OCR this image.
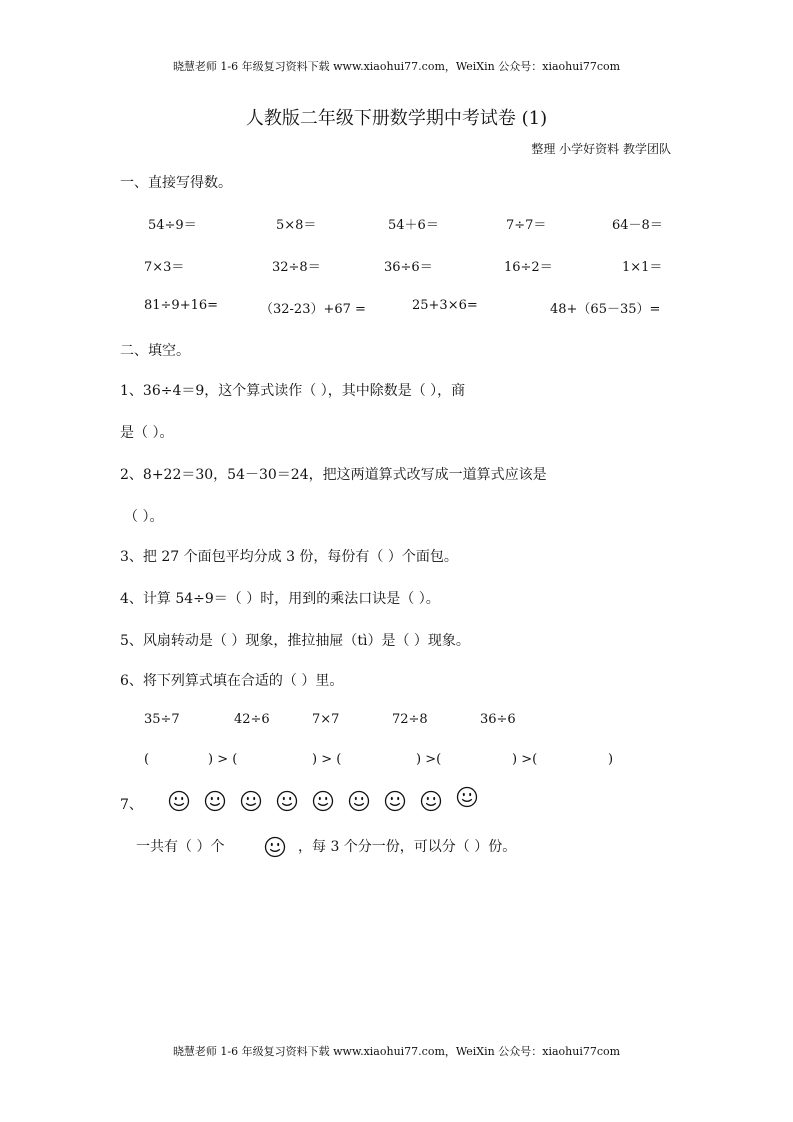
晓慧老师 1-6 年级复习资料下载 www.xiaohui77.com，WeiXin 公众号：xiaohui77com
人教版二年级下册数学期中考试卷 (1)
整理 小学好资料 教学团队
一、直接写得数。
54÷9＝	5×8＝	54＋6＝	7÷7＝	64－8＝
7×3＝	32÷8＝	36÷6＝	16÷2＝	1×1＝
81÷9+16=	（32-23）+67 =	25+3×6=	48+（65－35）=
二、填空。
1、36÷4＝9，这个算式读作（ ），其中除数是（ ），商
是（ ）。
2、8+22＝30，54－30＝24，把这两道算式改写成一道算式应该是
（ ）。
3、把 27 个面包平均分成 3 份，每份有（ ）个面包。
4、计算 54÷9＝（ ）时，用到的乘法口诀是（ ）。
5、风扇转动是（ ）现象，推拉抽屉（tì）是（ ）现象。
6、将下列算式填在合适的（ ）里。
35÷7	42÷6	7×7	72÷8	36÷6
(	) > (	) > (	) >(	) >(	)
7、
一共有（ ）个	，每 3 个分一份，可以分（ ）份。
晓慧老师 1-6 年级复习资料下载 www.xiaohui77.com，WeiXin 公众号：xiaohui77com
